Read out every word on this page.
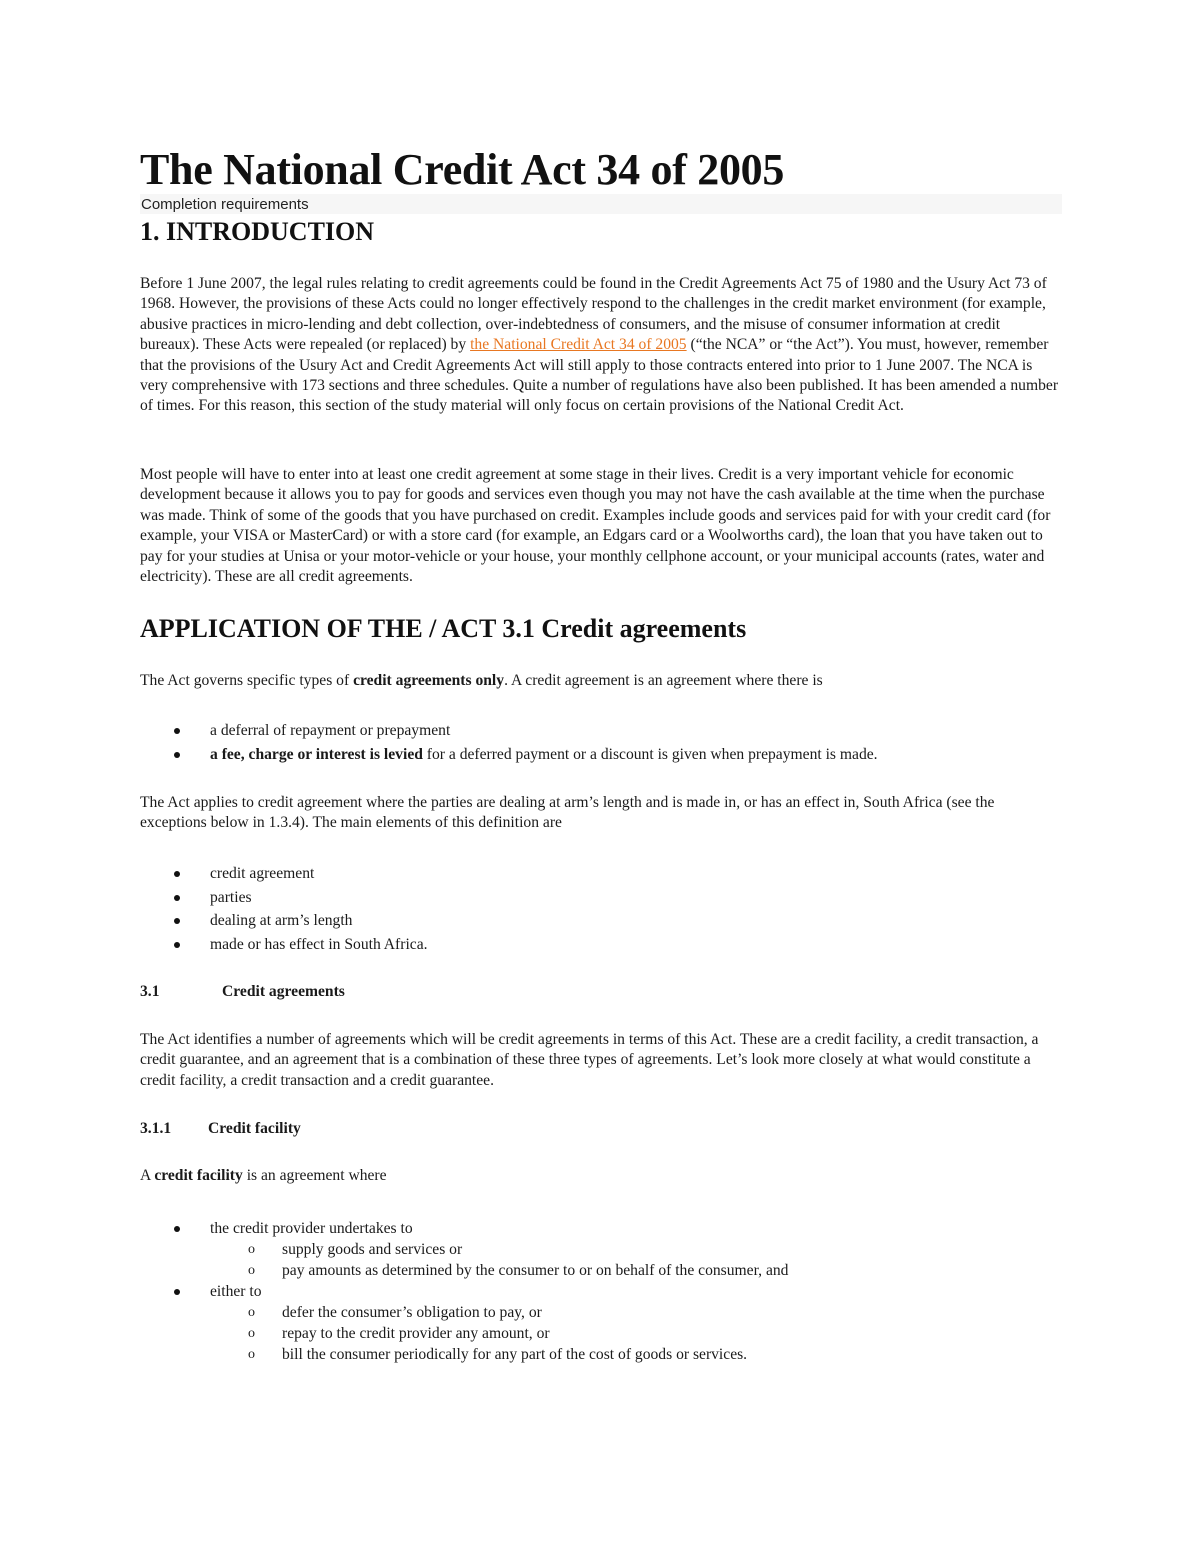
The National Credit Act 34 of 2005
Completion requirements
1. INTRODUCTION

Before 1 June 2007, the legal rules relating to credit agreements could be found in the Credit Agreements Act 75 of 1980 and the Usury Act 73 of 1968. However, the provisions of these Acts could no longer effectively respond to the challenges in the credit market environment (for example, abusive practices in micro-lending and debt collection, over-indebtedness of consumers, and the misuse of consumer information at credit bureaux). These Acts were repealed (or replaced) by the National Credit Act 34 of 2005 (“the NCA” or “the Act”). You must, however, remember that the provisions of the Usury Act and Credit Agreements Act will still apply to those contracts entered into prior to 1 June 2007. The NCA is very comprehensive with 173 sections and three schedules. Quite a number of regulations have also been published. It has been amended a number of times. For this reason, this section of the study material will only focus on certain provisions of the National Credit Act.

Most people will have to enter into at least one credit agreement at some stage in their lives. Credit is a very important vehicle for economic development because it allows you to pay for goods and services even though you may not have the cash available at the time when the purchase was made. Think of some of the goods that you have purchased on credit. Examples include goods and services paid for with your credit card (for example, your VISA or MasterCard) or with a store card (for example, an Edgars card or a Woolworths card), the loan that you have taken out to pay for your studies at Unisa or your motor-vehicle or your house, your monthly cellphone account, or your municipal accounts (rates, water and electricity). These are all credit agreements.

APPLICATION OF THE / ACT 3.1 Credit agreements

The Act governs specific types of credit agreements only. A credit agreement is an agreement where there is

a deferral of repayment or prepayment
a fee, charge or interest is levied for a deferred payment or a discount is given when prepayment is made.

The Act applies to credit agreement where the parties are dealing at arm’s length and is made in, or has an effect in, South Africa (see the exceptions below in 1.3.4). The main elements of this definition are

credit agreement
parties
dealing at arm’s length
made or has effect in South Africa.
3.1	Credit agreements

The Act identifies a number of agreements which will be credit agreements in terms of this Act. These are a credit facility, a credit transaction, a credit guarantee, and an agreement that is a combination of these three types of agreements. Let’s look more closely at what would constitute a credit facility, a credit transaction and a credit guarantee.

3.1.1 Credit facility

A credit facility is an agreement where

the credit provider undertakes to
o supply goods and services or
o pay amounts as determined by the consumer to or on behalf of the consumer, and
either to
o defer the consumer’s obligation to pay, or
o repay to the credit provider any amount, or
o bill the consumer periodically for any part of the cost of goods or services.
